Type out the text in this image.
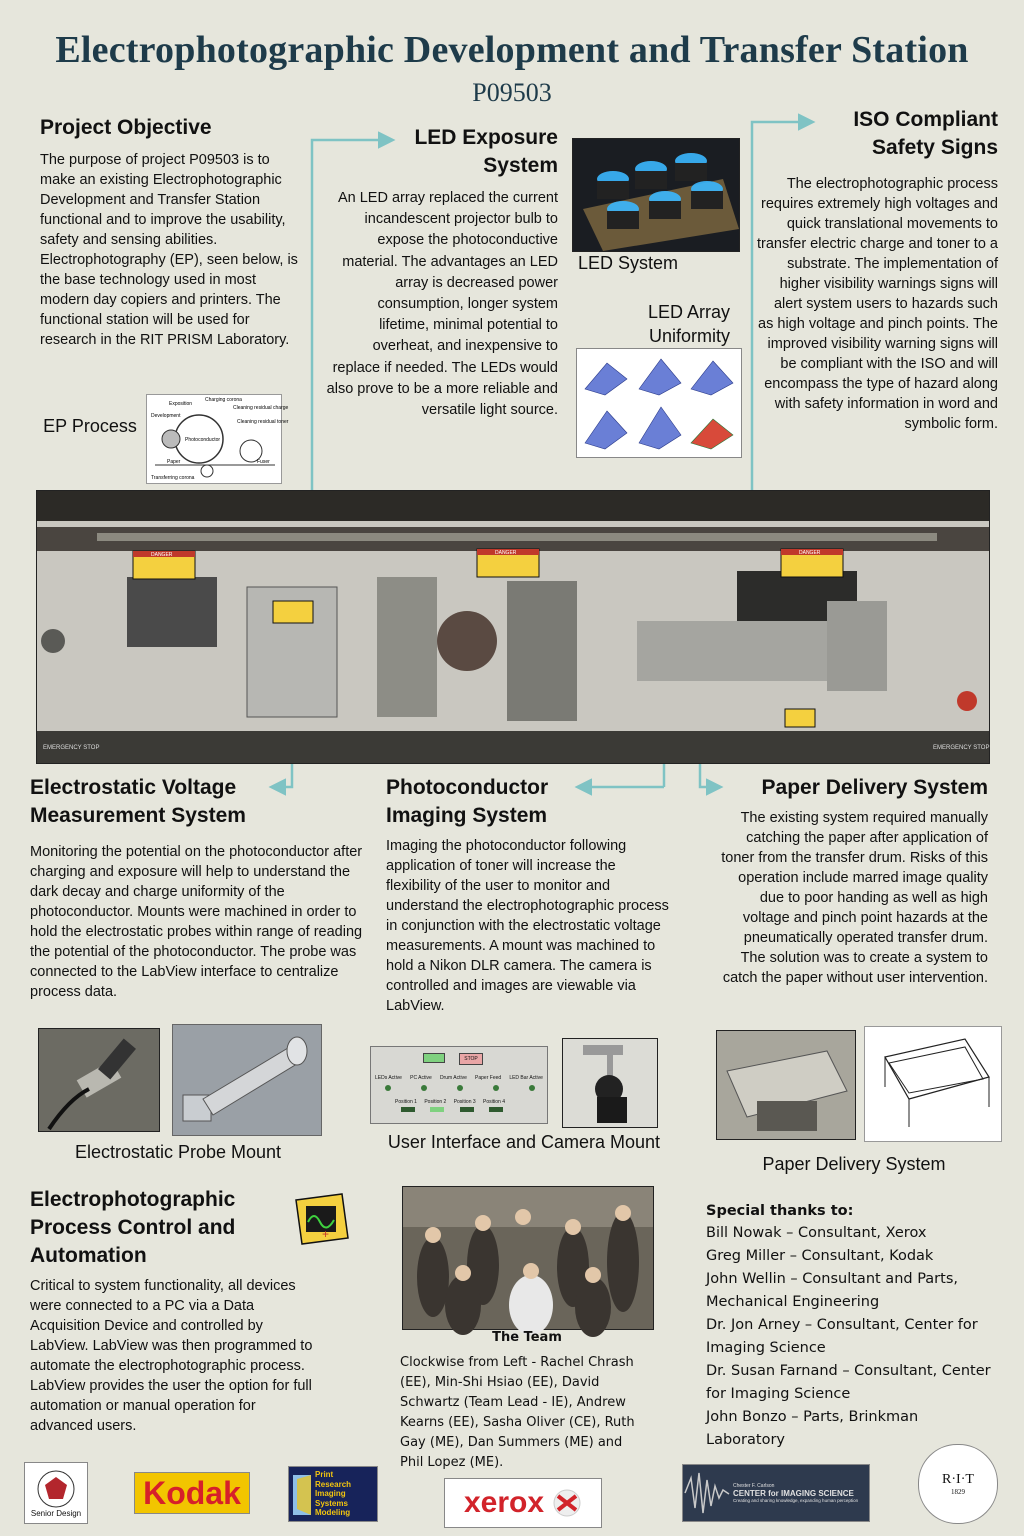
Electrophotographic Development and Transfer Station
P09503
Project Objective
The purpose of project P09503 is to make an existing Electrophotographic Development and Transfer Station functional and to improve the usability, safety and sensing abilities. Electrophotography (EP), seen below, is the base technology used in most modern day copiers and printers. The functional station will be used for research in the RIT PRISM Laboratory.
EP Process
Exposition
Charging corona
Cleaning residual charge
Development
Cleaning residual toner
Photoconductor
Paper	Fuser
Transferring corona
LED Exposure System
An LED array replaced the current incandescent projector bulb to expose the photoconductive material. The advantages an LED array is decreased power consumption, longer system lifetime, minimal potential to overheat, and inexpensive to replace if needed. The LEDs would also prove to be a more reliable and versatile light source.
LED System
LED Array Uniformity
ISO Compliant Safety Signs
The electrophotographic process requires extremely high voltages and quick translational movements to transfer electric charge and toner to a substrate. The implementation of higher visibility warnings signs will alert system users to hazards such as high voltage and pinch points. The improved visibility warning signs will be compliant with the ISO and will encompass the type of hazard along with safety information in word and symbolic form.
DANGER	DANGER	DANGER
EMERGENCY STOP	EMERGENCY STOP
Electrostatic Voltage Measurement System
Monitoring the potential on the photoconductor after charging and exposure will help to understand the dark decay and charge uniformity of the photoconductor. Mounts were machined in order to hold the electrostatic probes within range of reading the potential of the photoconductor. The probe was connected to the LabView interface to centralize process data.
Electrostatic Probe Mount
Photoconductor Imaging System
Imaging the photoconductor following application of toner will increase the flexibility of the user to monitor and understand the electrophotographic process in conjunction with the electrostatic voltage measurements. A mount was machined to hold a Nikon DLR camera. The camera is controlled and images are viewable via LabView.
STOP
LEDs Active PC Active Drum Active Paper Feed LED Bar Active
Position 1 Position 2 Position 3 Position 4
User Interface and Camera Mount
Paper Delivery System
The existing system required manually catching the paper after application of toner from the transfer drum. Risks of this operation include marred image quality due to poor handing as well as high voltage and pinch point hazards at the pneumatically operated transfer drum. The solution was to create a system to catch the paper without user intervention.
Paper Delivery System
Electrophotographic Process Control and Automation
+
Critical to system functionality, all devices were connected to a PC via a Data Acquisition Device and controlled by LabView. LabView was then programmed to automate the electrophotographic process. LabView provides the user the option for full automation or manual operation for advanced users.
The Team
Clockwise from Left - Rachel Chrash (EE), Min-Shi Hsiao (EE), David Schwartz (Team Lead - IE), Andrew Kearns (EE), Sasha Oliver (CE), Ruth Gay (ME), Dan Summers (ME) and Phil Lopez (ME).
Special thanks to:
Bill Nowak – Consultant, Xerox
Greg Miller – Consultant, Kodak
John Wellin – Consultant and Parts, Mechanical Engineering
Dr. Jon Arney – Consultant, Center for Imaging Science
Dr. Susan Farnand – Consultant, Center for Imaging Science
John Bonzo – Parts, Brinkman Laboratory
Senior Design
Kodak	Print
Research
Imaging
Systems
Modeling	xerox	Chester F. Carlson
CENTER for IMAGING SCIENCE
Creating and sharing knowledge, expanding human perception
R·I·T
1829
